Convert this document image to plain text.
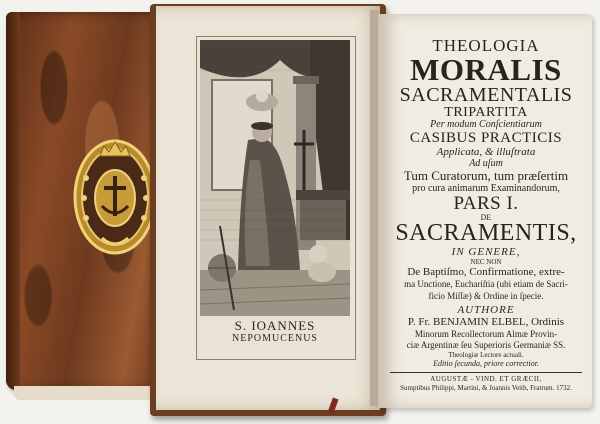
S. IOANNES
NEPOMUCENUS
THEOLOGIA
MORALIS
SACRAMENTALIS
TRIPARTITA
Per modum Conſcientiarum
CASIBUS PRACTICIS
Applicata, & illuſtrata
Ad uſum
Tum Curatorum, tum præſertim
pro cura animarum Examinandorum,
PARS I.
DE
SACRAMENTIS,
IN GENERE,
NEC NON
De Baptiſmo, Confirmatione, extre-
ma Unctione, Euchariſtia (ubi etiam de Sacri-
ficio Miſſæ) & Ordine in ſpecie.
AUTHORE
P. Fr. BENJAMIN ELBEL, Ordinis
Minorum Recollectorum Almæ Provin-
ciæ Argentinæ ſeu Superioris Germaniæ SS.
Theologiæ Lectore actuali.
Editio ſecunda, priore correctior.
AUGUSTÆ - VIND. ET GRÆCII,
Sumptibus Philippi, Martini, & Joannis Veith, Fratrum. 1732.
